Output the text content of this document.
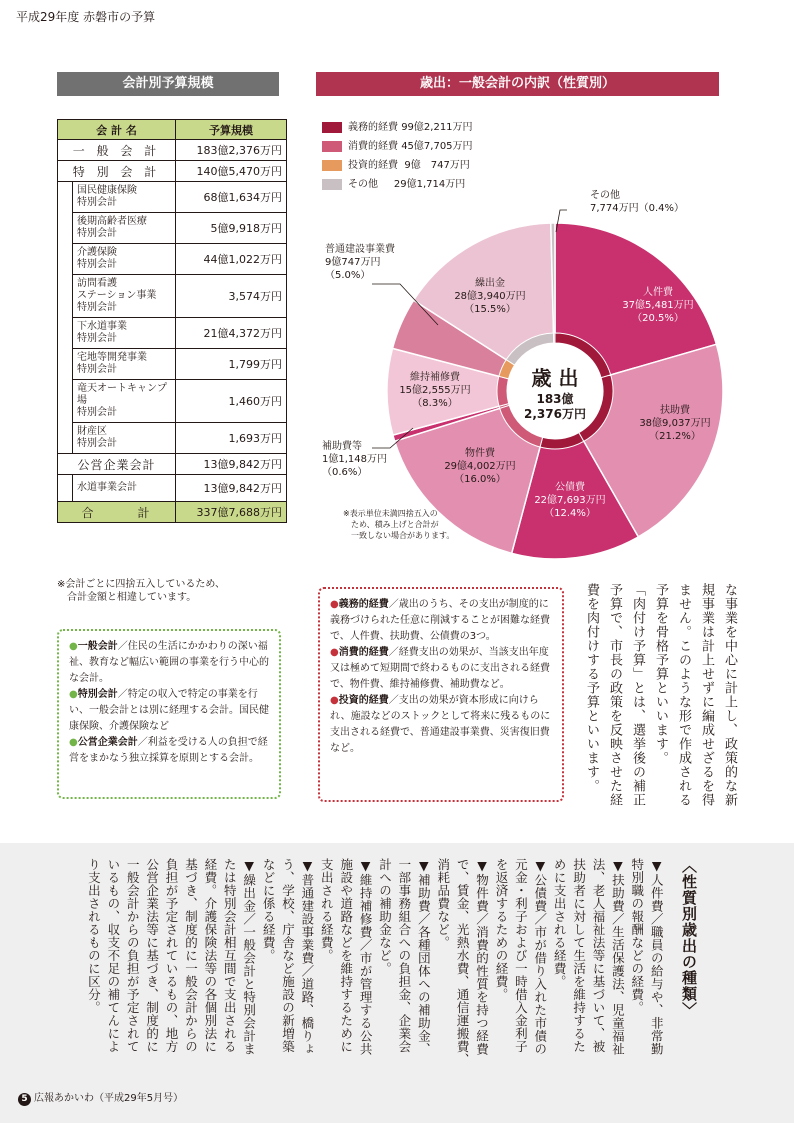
平成29年度 赤磐市の予算
会計別予算規模	歳出：一般会計の内訳（性質別）
会 計 名		予算規模
一 般 会 計		183億2,376万円
特 別 会 計		140億5,470万円
	国民健康保険
特別会計	68億1,634万円
	後期高齢者医療
特別会計	5億9,918万円
	介護保険
特別会計	44億1,022万円
	訪問看護
ステーション事業
特別会計	3,574万円
	下水道事業
特別会計	21億4,372万円
	宅地等開発事業
特別会計	1,799万円
	竜天オートキャンプ場
特別会計	1,460万円
	財産区
特別会計	1,693万円
公営企業会計		13億9,842万円
	水道事業会計	13億9,842万円
合　　　計		337億7,688万円
※会計ごとに四捨五入しているため、
　合計金額と相違しています。
●一般会計／住民の生活にかかわりの深い福祉、教育など幅広い範囲の事業を行う中心的な会計。
●特別会計／特定の収入で特定の事業を行い、一般会計とは別に経理する会計。国民健康保険、介護保険など
●公営企業会計／利益を受ける人の負担で経営をまかなう独立採算を原則とする会計。
●義務的経費／歳出のうち、その支出が制度的に義務づけられた任意に削減することが困難な経費で、人件費、扶助費、公債費の3つ。
●消費的経費／経費支出の効果が、当該支出年度又は極めて短期間で終わるものに支出される経費で、物件費、維持補修費、補助費など。
●投資的経費／支出の効果が資本形成に向けられ、施設などのストックとして将来に残るものに支出される経費で、普通建設事業費、災害復旧費など。
義務的経費 99億2,211万円
消費的経費 45億7,705万円
投資的経費 9億　747万円
その他 29億1,714万円
歳 出
183億
2,376万円
人件費
37億5,481万円
（20.5%）
扶助費
38億9,037万円
（21.2%）
公債費
22億7,693万円
（12.4%）
物件費
29億4,002万円
（16.0%）
補助費等
1億1,148万円
（0.6%）
維持補修費
15億2,555万円
（8.3%）
普通建設事業費
9億747万円
（5.0%）
繰出金
28億3,940万円
（15.5%）
その他
7,774万円（0.4%）
※表示単位未満四捨五入の
　ため、積み上げと合計が
　一致しない場合があります。
な事業を中心に計上し、政策的な新
規事業は計上せずに編成せざるを得
ません。このような形で作成される
予算を骨格予算といいます。
「肉付け予算」とは、選挙後の補正
予算で、市長の政策を反映させた経
費を肉付けする予算といいます。
〈性質別歳出の種類〉
▼人件費／職員の給与や、非常勤
特別職の報酬などの経費。
▼扶助費／生活保護法、児童福祉
法、老人福祉法等に基づいて、被
扶助者に対して生活を維持するた
めに支出される経費。
▼公債費／市が借り入れた市債の
元金・利子および一時借入金利子
を返済するための経費。
▼物件費／消費的性質を持つ経費
で、賃金、光熱水費、通信運搬費、
消耗品費など。
▼補助費／各種団体への補助金、
一部事務組合への負担金、企業会
計への補助金など。
▼維持補修費／市が管理する公共
施設や道路などを維持するために
支出される経費。
▼普通建設事業費／道路、橋りょ
う、学校、庁舎など施設の新増築
などに係る経費。
▼繰出金／一般会計と特別会計ま
たは特別会計相互間で支出される
経費。介護保険法等の各個別法に
基づき、制度的に一般会計からの
負担が予定されているもの、地方
公営企業法等に基づき、制度的に
一般会計からの負担が予定されて
いるもの、収支不足の補てんによ
り支出されるものに区分。
5 広報あかいわ（平成29年5月号）
